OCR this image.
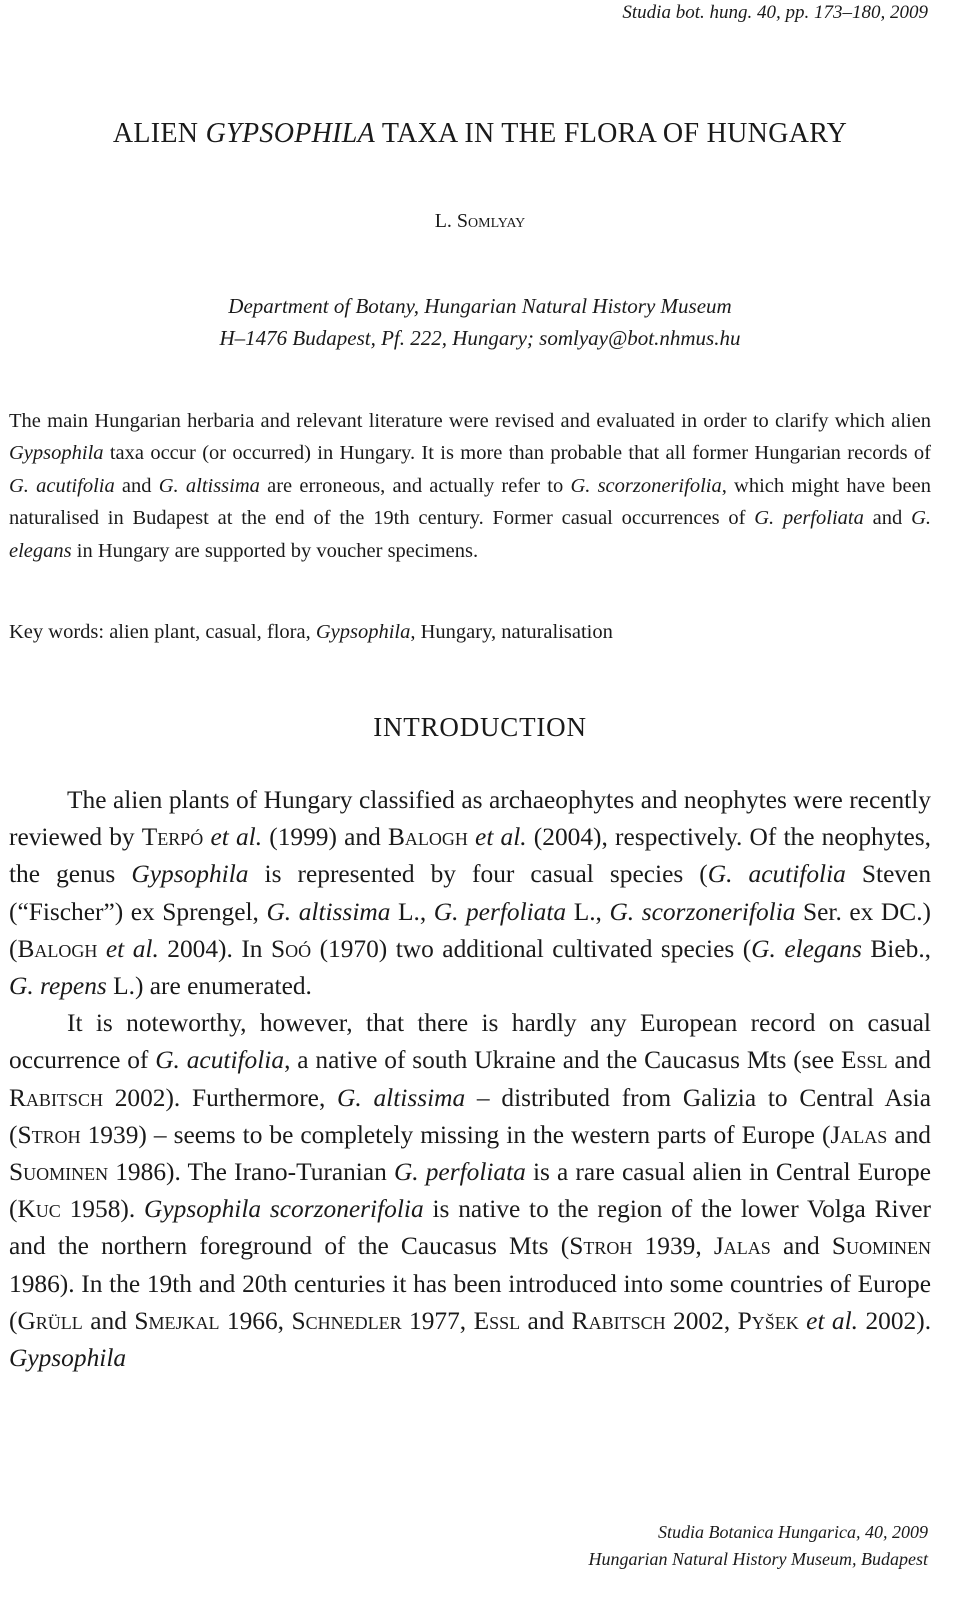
Studia bot. hung. 40, pp. 173–180, 2009
ALIEN GYPSOPHILA TAXA IN THE FLORA OF HUNGARY
L. Somlyay
Department of Botany, Hungarian Natural History Museum
H–1476 Budapest, Pf. 222, Hungary; somlyay@bot.nhmus.hu
The main Hungarian herbaria and relevant literature were revised and evaluated in order to clarify which alien Gypsophila taxa occur (or occurred) in Hungary. It is more than probable that all former Hungarian records of G. acutifolia and G. altissima are erroneous, and actually refer to G. scorzonerifolia, which might have been naturalised in Budapest at the end of the 19th century. Former casual occurrences of G. perfoliata and G. elegans in Hungary are supported by voucher specimens.
Key words: alien plant, casual, flora, Gypsophila, Hungary, naturalisation
INTRODUCTION

The alien plants of Hungary classified as archaeophytes and neophytes were recently reviewed by Terpó et al. (1999) and Balogh et al. (2004), respectively. Of the neophytes, the genus Gypsophila is represented by four casual species (G. acutifolia Steven (“Fischer”) ex Sprengel, G. altissima L., G. perfoliata L., G. scorzonerifolia Ser. ex DC.) (Balogh et al. 2004). In Soó (1970) two additional cultivated species (G. elegans Bieb., G. repens L.) are enumerated.

It is noteworthy, however, that there is hardly any European record on casual occurrence of G. acutifolia, a native of south Ukraine and the Caucasus Mts (see Essl and Rabitsch 2002). Furthermore, G. altissima – distributed from Galizia to Central Asia (Stroh 1939) – seems to be completely missing in the western parts of Europe (Jalas and Suominen 1986). The Irano-Turanian G. perfoliata is a rare casual alien in Central Europe (Kuc 1958). Gypsophila scorzonerifolia is native to the region of the lower Volga River and the northern foreground of the Caucasus Mts (Stroh 1939, Jalas and Suominen 1986). In the 19th and 20th centuries it has been introduced into some countries of Europe (Grüll and Smejkal 1966, Schnedler 1977, Essl and Rabitsch 2002, Pyšek et al. 2002). Gypsophila

Studia Botanica Hungarica, 40, 2009
Hungarian Natural History Museum, Budapest
